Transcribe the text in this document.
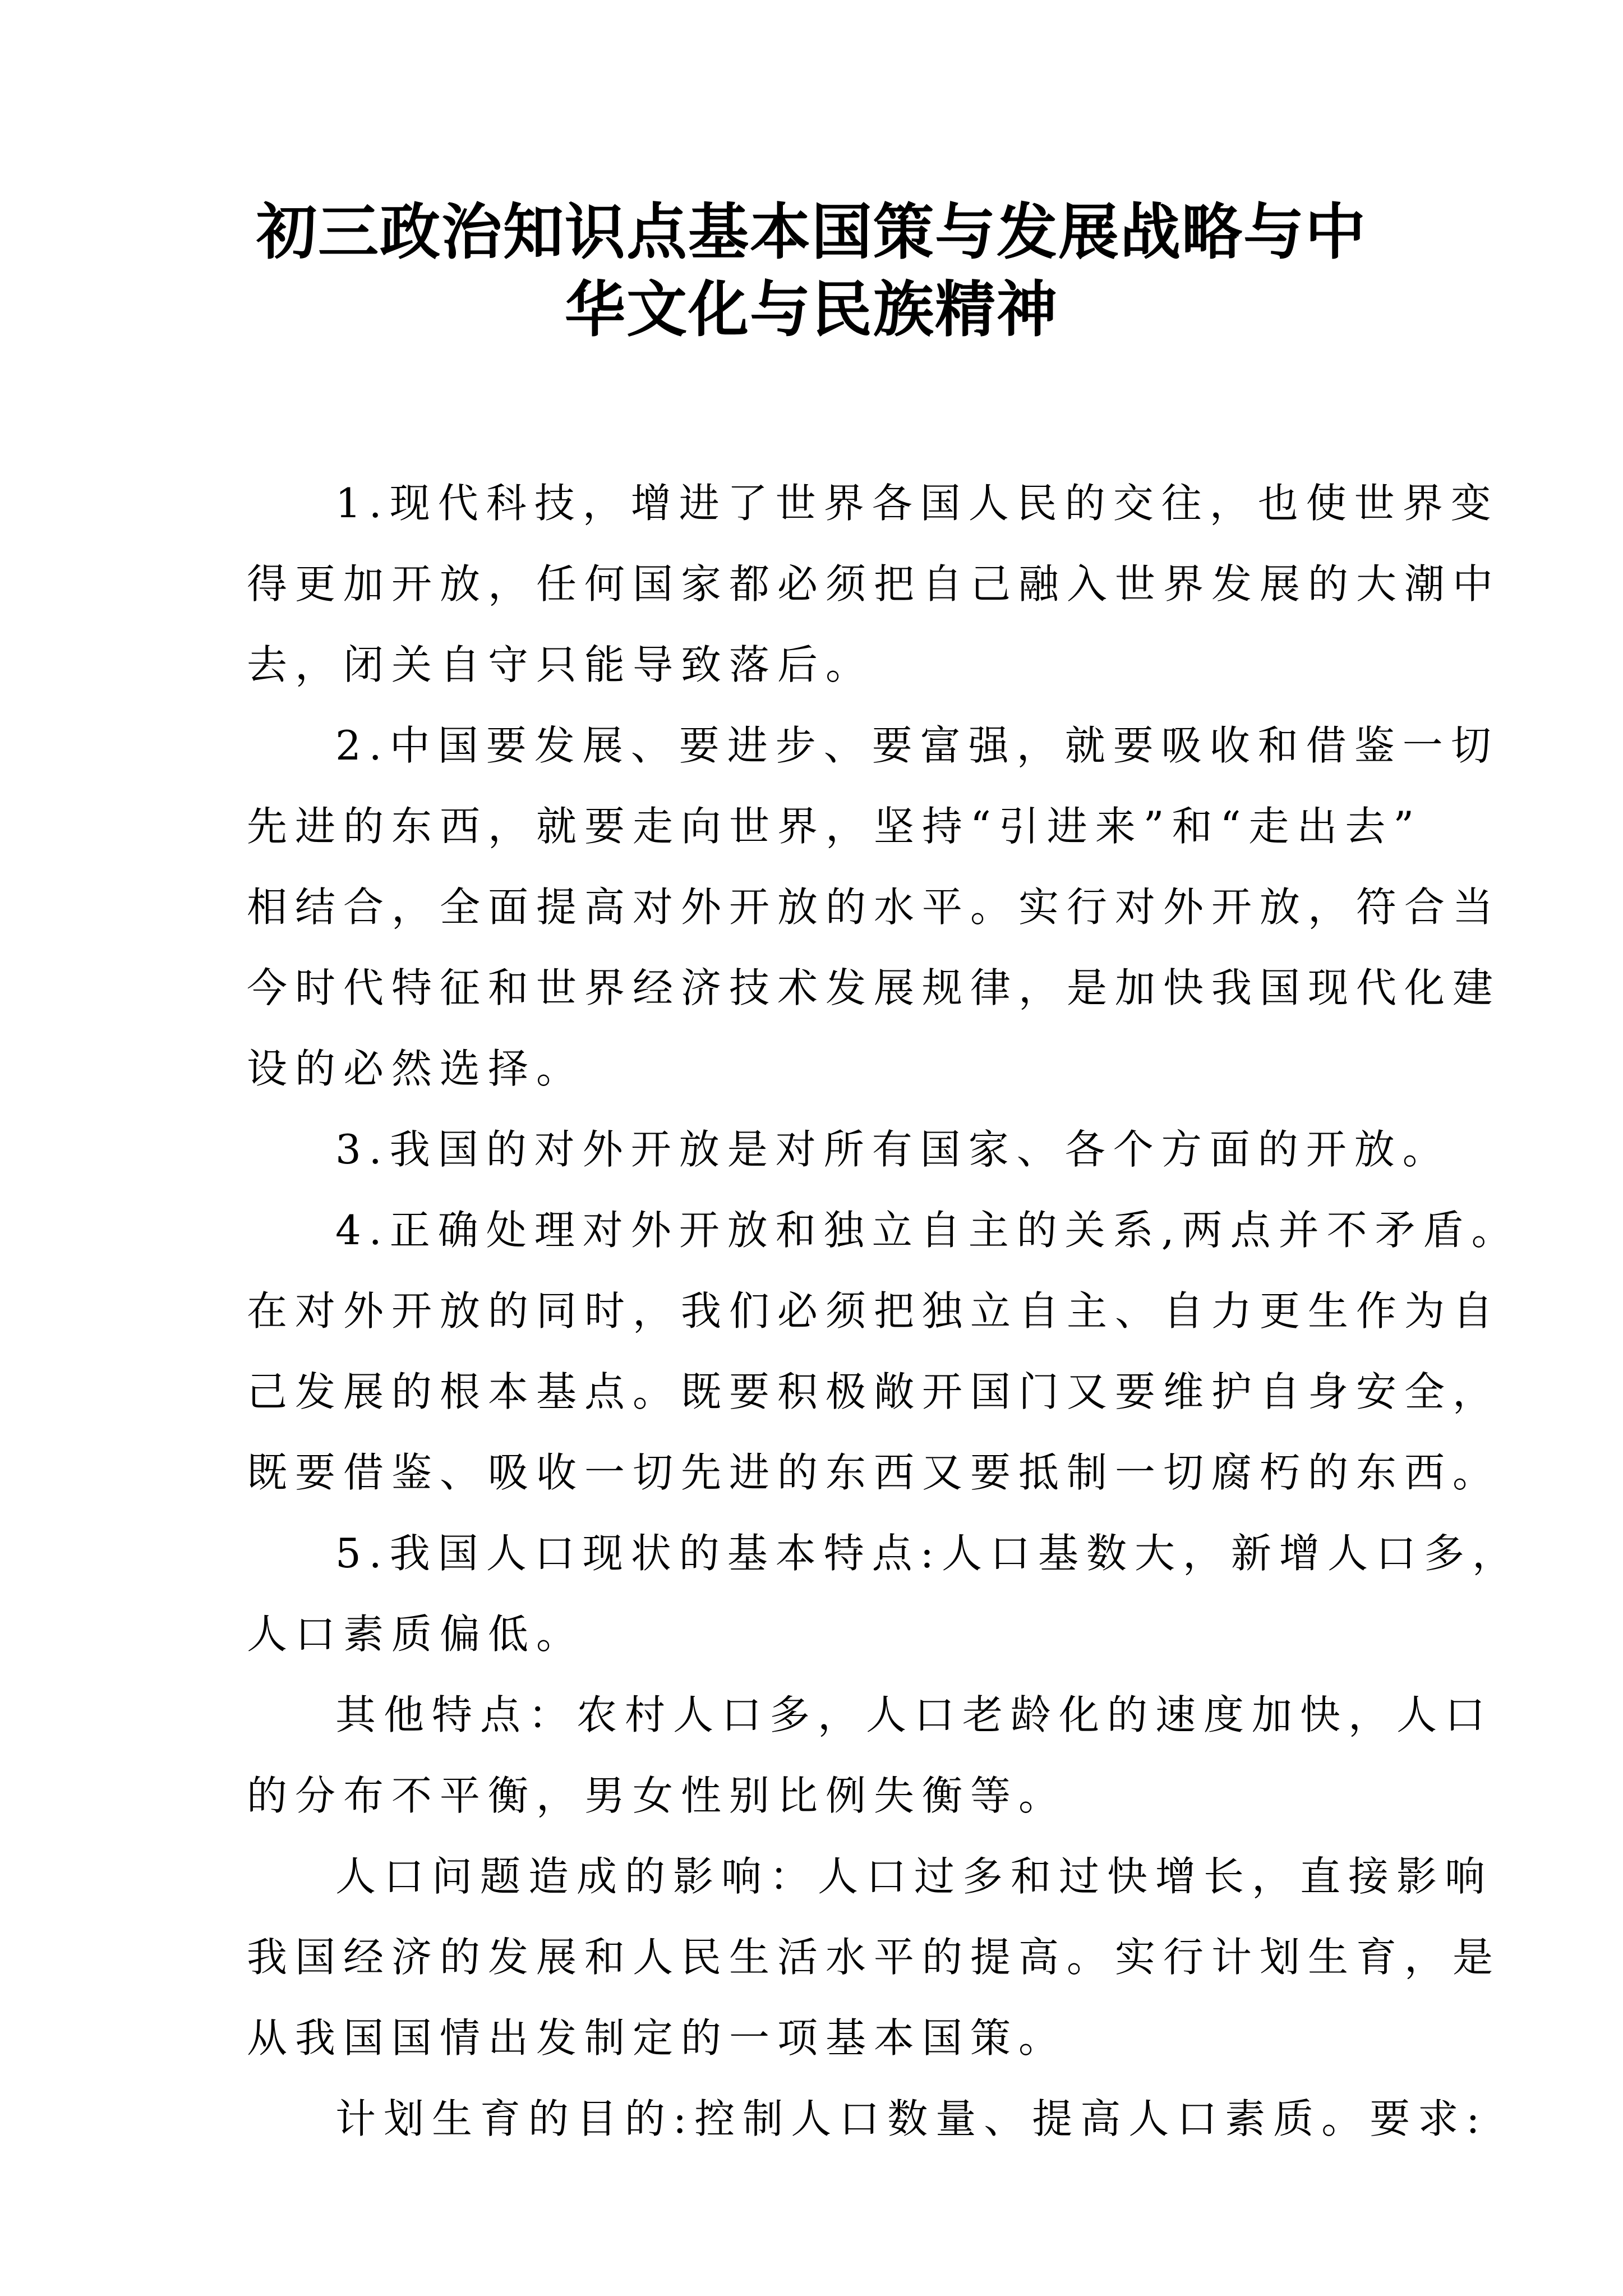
初三政治知识点基本国策与发展战略与中
华文化与民族精神
1.现代科技，增进了世界各国人民的交往，也使世界变
得更加开放，任何国家都必须把自己融入世界发展的大潮中
去，闭关自守只能导致落后。
2.中国要发展、要进步、要富强，就要吸收和借鉴一切
先进的东西，就要走向世界，坚持“引进来”和“走出去”
相结合，全面提高对外开放的水平。实行对外开放，符合当
今时代特征和世界经济技术发展规律，是加快我国现代化建
设的必然选择。
3.我国的对外开放是对所有国家、各个方面的开放。
4.正确处理对外开放和独立自主的关系,两点并不矛盾。
在对外开放的同时，我们必须把独立自主、自力更生作为自
己发展的根本基点。既要积极敞开国门又要维护自身安全，
既要借鉴、吸收一切先进的东西又要抵制一切腐朽的东西。
5.我国人口现状的基本特点:人口基数大，新增人口多，
人口素质偏低。
其他特点：农村人口多，人口老龄化的速度加快，人口
的分布不平衡，男女性别比例失衡等。
人口问题造成的影响：人口过多和过快增长，直接影响
我国经济的发展和人民生活水平的提高。实行计划生育，是
从我国国情出发制定的一项基本国策。
计划生育的目的:控制人口数量、提高人口素质。要求:
